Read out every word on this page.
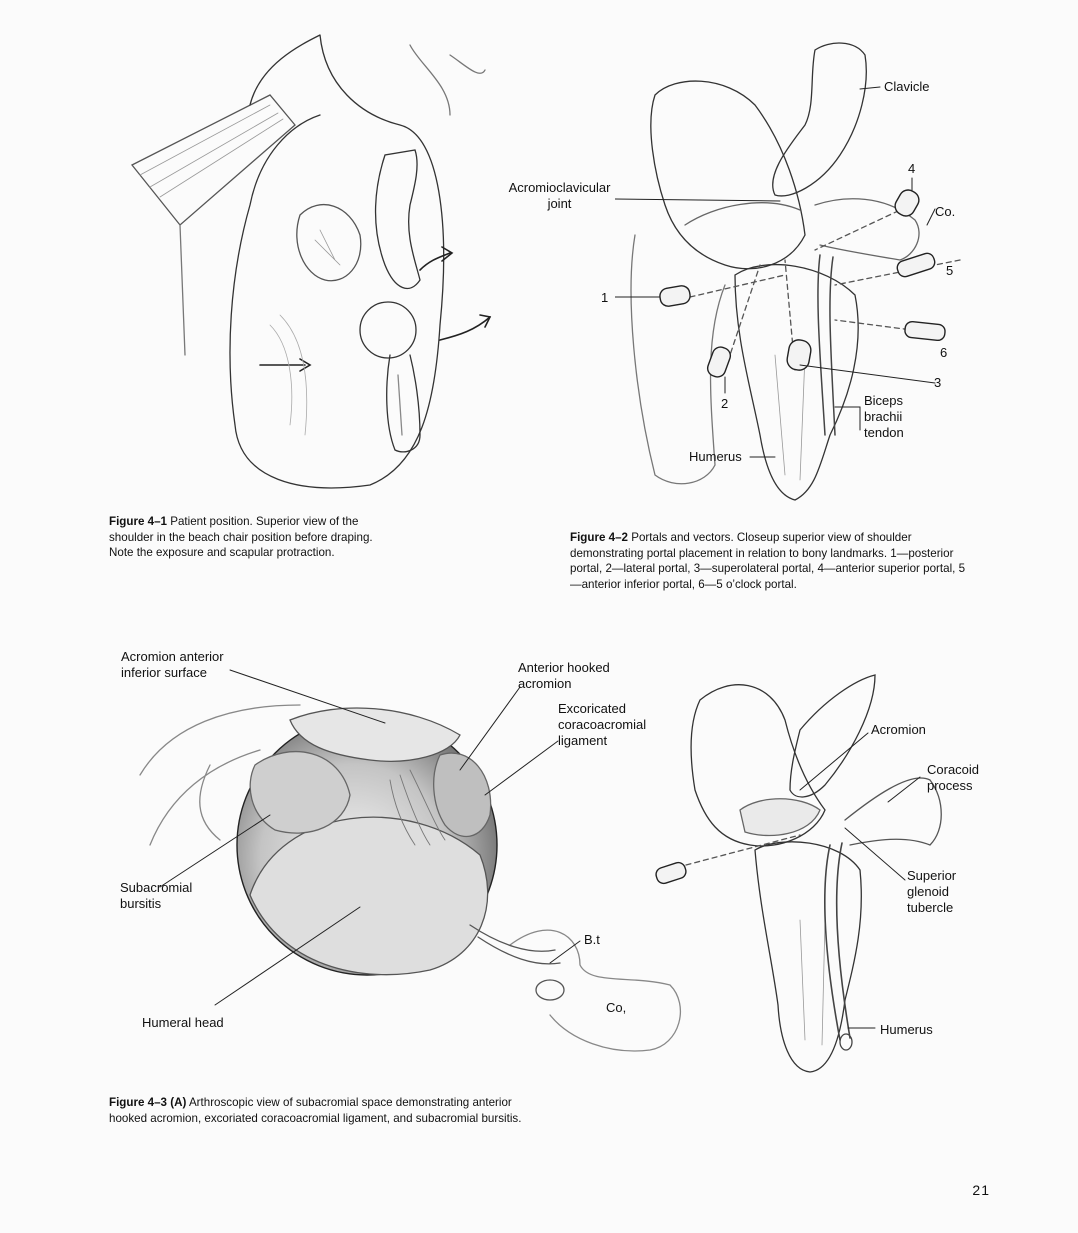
Clavicle
Acromioclavicular
joint
4
Co.
5
1
6
3
2	Biceps
brachii
tendon
Humerus
Figure 4–1 Patient position. Superior view of the shoulder in the beach chair position before draping. Note the exposure and scapular protraction.
Figure 4–2 Portals and vectors. Closeup superior view of shoulder demonstrating portal placement in relation to bony landmarks. 1—posterior portal, 2—lateral portal, 3—superolateral portal, 4—anterior superior portal, 5—anterior inferior portal, 6—5 o’clock portal.
Acromion anterior
inferior surface	Anterior hooked
acromion
Excoricated
coracoacromial
ligament
Subacromial
bursitis
B.t
Co,
Humeral head
Acromion
Coracoid
process
Superior
glenoid
tubercle
Humerus
Figure 4–3 (A) Arthroscopic view of subacromial space demonstrating anterior hooked acromion, excoriated coracoacromial ligament, and subacromial bursitis.
21
